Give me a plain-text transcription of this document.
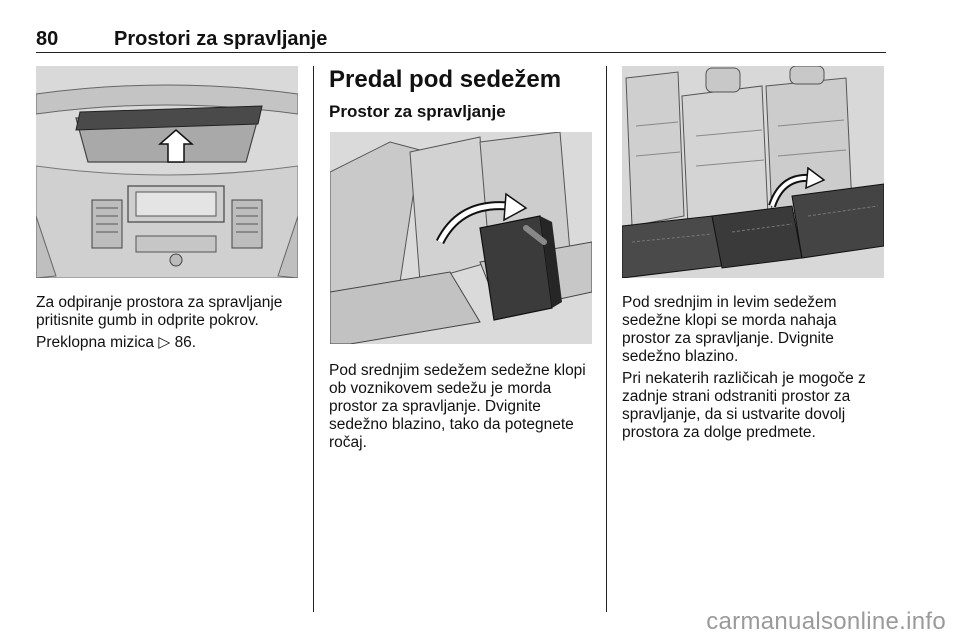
80	Prostori za spravljanje

Za odpiranje prostora za spravljanje pritisnite gumb in odprite pokrov.

Preklopna mizica ▷ 86.

Predal pod sedežem
Prostor za spravljanje

Pod srednjim sedežem sedežne klopi ob voznikovem sedežu je morda prostor za spravljanje. Dvignite sedežno blazino, tako da potegnete ročaj.

Pod srednjim in levim sedežem sedežne klopi se morda nahaja prostor za spravljanje. Dvignite sedežno blazino.

Pri nekaterih različicah je mogoče z zadnje strani odstraniti prostor za spravljanje, da si ustvarite dovolj prostora za dolge predmete.

carmanualsonline.info
